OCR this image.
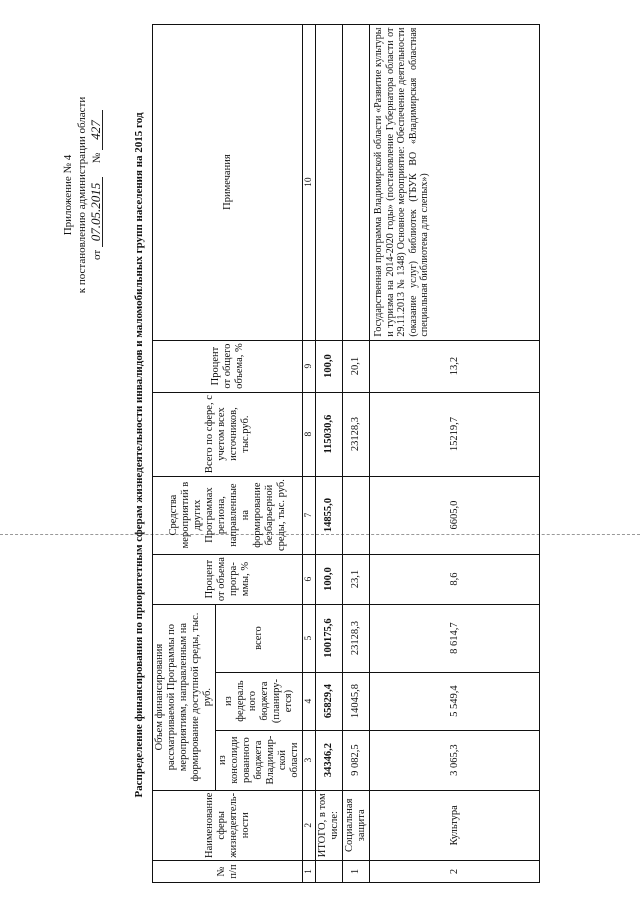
Приложение № 4 к постановлению администрации области от 07.05.2015     № 427	Распределение финансирования по приоритетным сферам жизнедеятельности инвалидов и маломобильных групп населения на 2015 год
№ п/п	Наименование сферы жизнедеятель-ности	Объем финансирования рассматриваемой Программы по мероприятиям, направленным на формирование доступной среды, тыс. руб.			Процент от объема програ-ммы, %	Средства мероприятий в других Программах региона, направленные на формирование безбарьерной среды, тыс. руб.	Всего по сфере, с учетом всех источников, тыс.руб.	Процент от общего объема, %	Примечания
		из консолиди рованного бюджета Владимир-ской области	из федераль ного бюджета (планиру-ется)	всего					
1	2	3	4	5	6	7	8	9	10
	ИТОГО, в том числе:	34346,2	65829,4	100175,6	100,0	14855,0	115030,6	100,0	
1	Социальная защита	9 082,5	14045,8	23128,3	23,1		23128,3	20,1	
2	Культура	3 065,3	5 549,4	8 614,7	8,6	6605,0	15219,7	13,2	Государственная программа Владимирской области «Развитие культуры и туризма на 2014-2020 годы» (постановление Губернатора области от 29.11.2013 № 1348) Основное мероприятие: Обеспечение деятельности (оказание услуг) библиотек (ГБУК ВО «Владимирская областная специальная библиотека для слепых»)
